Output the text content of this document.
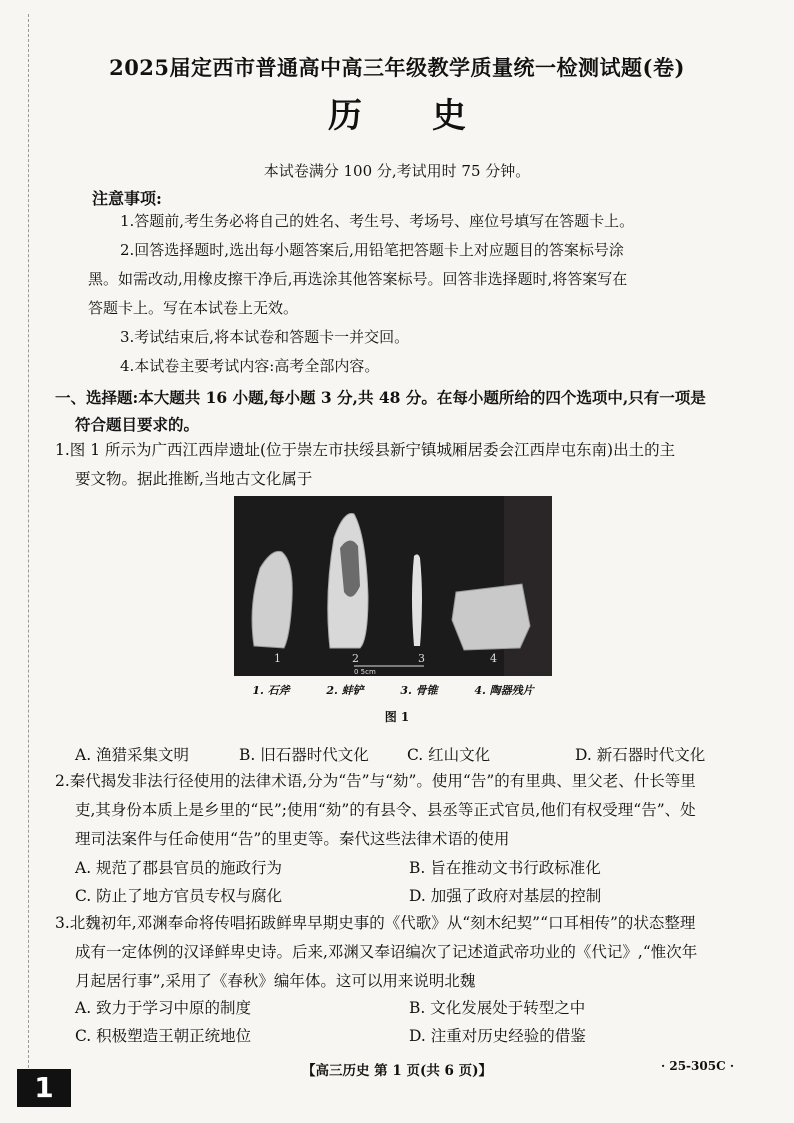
2025届定西市普通高中高三年级教学质量统一检测试题(卷)
历史
本试卷满分 100 分,考试用时 75 分钟。
注意事项:
1.答题前,考生务必将自己的姓名、考生号、考场号、座位号填写在答题卡上。
2.回答选择题时,选出每小题答案后,用铅笔把答题卡上对应题目的答案标号涂
黑。如需改动,用橡皮擦干净后,再选涂其他答案标号。回答非选择题时,将答案写在
答题卡上。写在本试卷上无效。
3.考试结束后,将本试卷和答题卡一并交回。
4.本试卷主要考试内容:高考全部内容。
一、选择题:本大题共 16 小题,每小题 3 分,共 48 分。在每小题所给的四个选项中,只有一项是
符合题目要求的。
1.图 1 所示为广西江西岸遗址(位于崇左市扶绥县新宁镇城厢居委会江西岸屯东南)出土的主
要文物。据此推断,当地古文化属于
1	2	3	4
0 5cm
1. 石斧	2. 蚌铲	3. 骨锥	4. 陶器残片
图 1
A. 渔猎采集文明	B. 旧石器时代文化 C. 红山文化	D. 新石器时代文化
2.秦代揭发非法行径使用的法律术语,分为“告”与“劾”。使用“告”的有里典、里父老、什长等里
吏,其身份本质上是乡里的“民”;使用“劾”的有县令、县丞等正式官员,他们有权受理“告”、处
理司法案件与任命使用“告”的里吏等。秦代这些法律术语的使用
A. 规范了郡县官员的施政行为	B. 旨在推动文书行政标准化
C. 防止了地方官员专权与腐化	D. 加强了政府对基层的控制
3.北魏初年,邓渊奉命将传唱拓跋鲜卑早期史事的《代歌》从“刻木纪契”“口耳相传”的状态整理
成有一定体例的汉译鲜卑史诗。后来,邓渊又奉诏编次了记述道武帝功业的《代记》,“惟次年
月起居行事”,采用了《春秋》编年体。这可以用来说明北魏
A. 致力于学习中原的制度	B. 文化发展处于转型之中
C. 积极塑造王朝正统地位	D. 注重对历史经验的借鉴
【高三历史 第 1 页(共 6 页)】	· 25-305C ·
1
